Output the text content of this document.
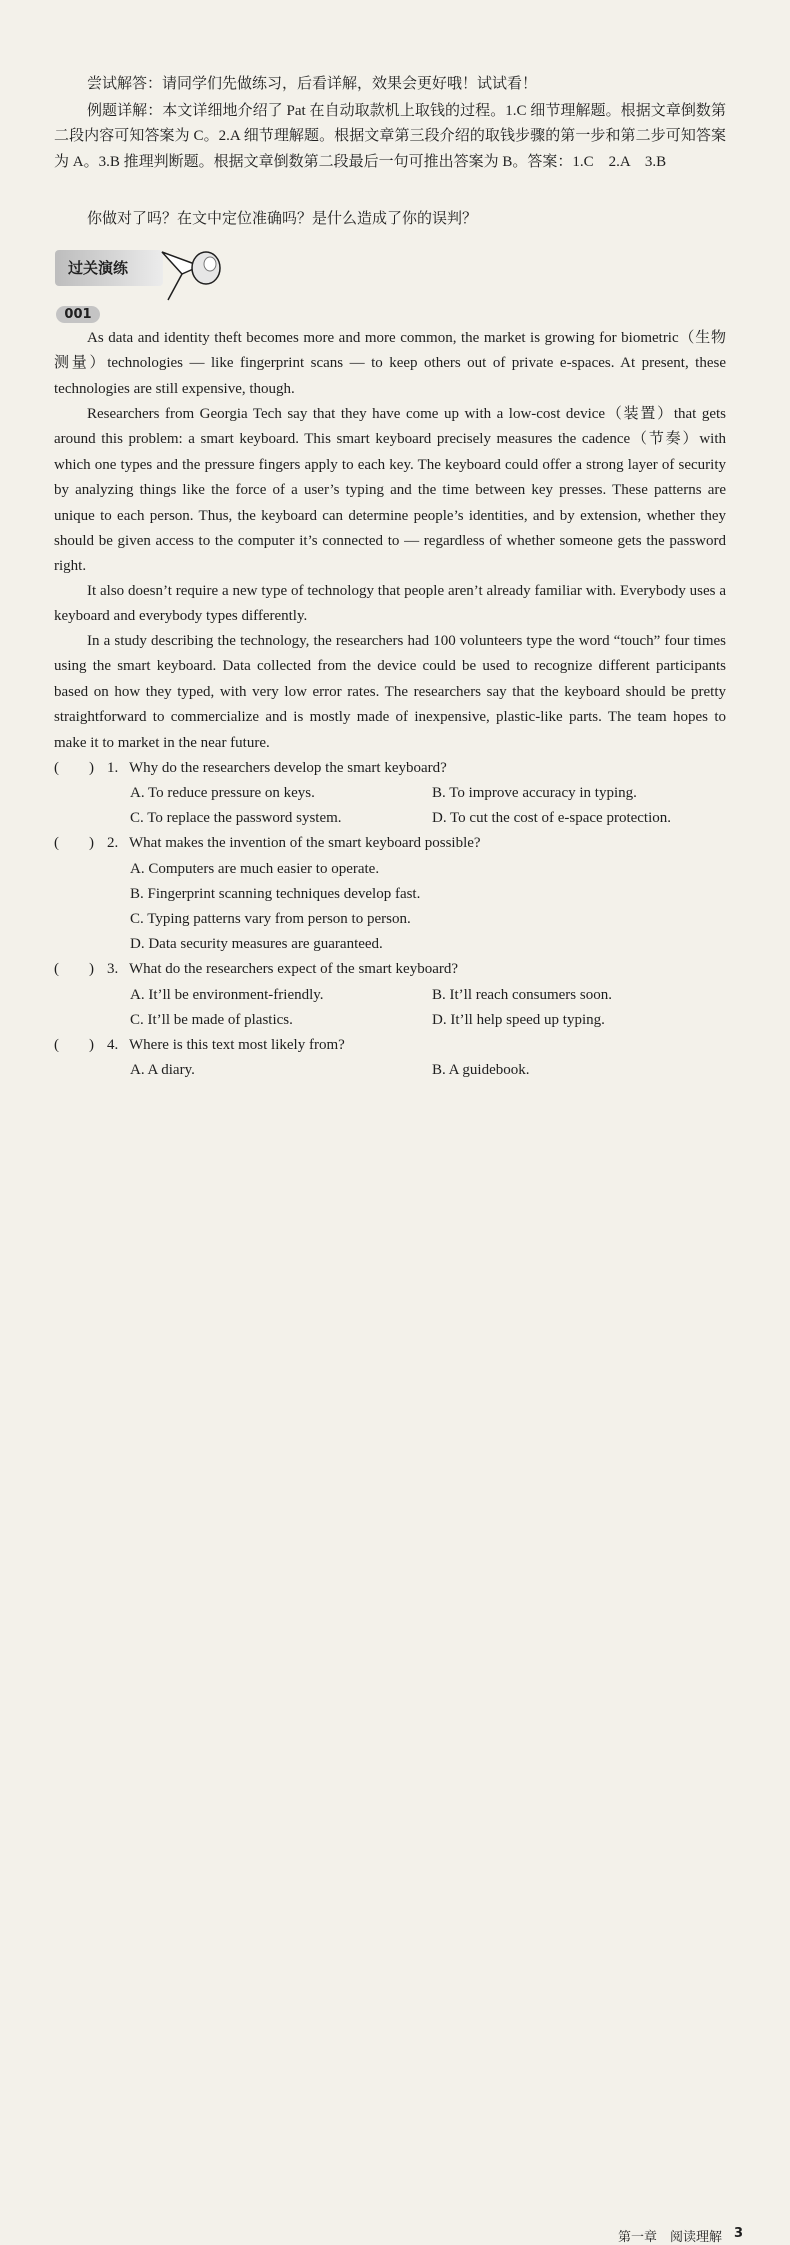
尝试解答：请同学们先做练习，后看详解，效果会更好哦！试试看！
例题详解：本文详细地介绍了 Pat 在自动取款机上取钱的过程。1.C 细节理解题。根据文章倒数第二段内容可知答案为 C。2.A 细节理解题。根据文章第三段介绍的取钱步骤的第一步和第二步可知答案为 A。3.B 推理判断题。根据文章倒数第二段最后一句可推出答案为 B。答案：1.C　2.A　3.B
你做对了吗？在文中定位准确吗？是什么造成了你的误判？
过关演练
001
As data and identity theft becomes more and more common, the market is growing for biometric（生物测量）technologies — like fingerprint scans — to keep others out of private e-spaces. At present, these technologies are still expensive, though.
Researchers from Georgia Tech say that they have come up with a low-cost device（装置）that gets around this problem: a smart keyboard. This smart keyboard precisely measures the cadence（节奏）with which one types and the pressure fingers apply to each key. The keyboard could offer a strong layer of security by analyzing things like the force of a user’s typing and the time between key presses. These patterns are unique to each person. Thus, the keyboard can determine people’s identities, and by extension, whether they should be given access to the computer it’s connected to — regardless of whether someone gets the password right.
It also doesn’t require a new type of technology that people aren’t already familiar with. Everybody uses a keyboard and everybody types differently.
In a study describing the technology, the researchers had 100 volunteers type the word “touch” four times using the smart keyboard. Data collected from the device could be used to recognize different participants based on how they typed, with very low error rates. The researchers say that the keyboard should be pretty straightforward to commercialize and is mostly made of inexpensive, plastic-like parts. The team hopes to make it to market in the near future.
(　　) 1. Why do the researchers develop the smart keyboard?
A. To reduce pressure on keys.	B. To improve accuracy in typing.
C. To replace the password system.	D. To cut the cost of e-space protection.
(　　) 2. What makes the invention of the smart keyboard possible?
A. Computers are much easier to operate.
B. Fingerprint scanning techniques develop fast.
C. Typing patterns vary from person to person.
D. Data security measures are guaranteed.
(　　) 3. What do the researchers expect of the smart keyboard?
A. It’ll be environment-friendly.	B. It’ll reach consumers soon.
C. It’ll be made of plastics.	D. It’ll help speed up typing.
(　　) 4. Where is this text most likely from?
A. A diary.	B. A guidebook.
第一章　阅读理解 3
